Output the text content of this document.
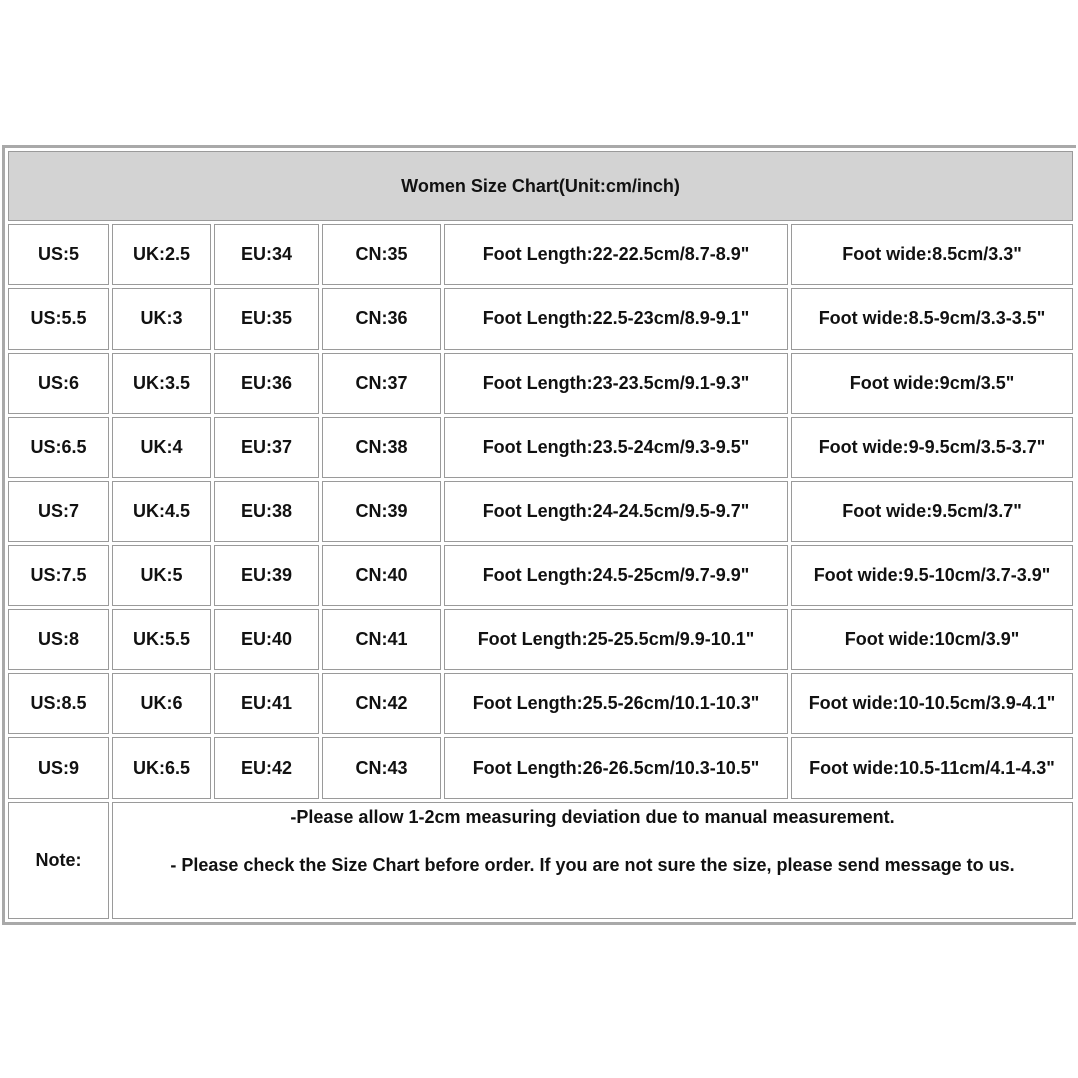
Women Size Chart(Unit:cm/inch)					
US:5	UK:2.5	EU:34	CN:35	Foot Length:22-22.5cm/8.7-8.9"	Foot wide:8.5cm/3.3"
US:5.5	UK:3	EU:35	CN:36	Foot Length:22.5-23cm/8.9-9.1"	Foot wide:8.5-9cm/3.3-3.5"
US:6	UK:3.5	EU:36	CN:37	Foot Length:23-23.5cm/9.1-9.3"	Foot wide:9cm/3.5"
US:6.5	UK:4	EU:37	CN:38	Foot Length:23.5-24cm/9.3-9.5"	Foot wide:9-9.5cm/3.5-3.7"
US:7	UK:4.5	EU:38	CN:39	Foot Length:24-24.5cm/9.5-9.7"	Foot wide:9.5cm/3.7"
US:7.5	UK:5	EU:39	CN:40	Foot Length:24.5-25cm/9.7-9.9"	Foot wide:9.5-10cm/3.7-3.9"
US:8	UK:5.5	EU:40	CN:41	Foot Length:25-25.5cm/9.9-10.1"	Foot wide:10cm/3.9"
US:8.5	UK:6	EU:41	CN:42	Foot Length:25.5-26cm/10.1-10.3"	Foot wide:10-10.5cm/3.9-4.1"
US:9	UK:6.5	EU:42	CN:43	Foot Length:26-26.5cm/10.3-10.5"	Foot wide:10.5-11cm/4.1-4.3"
Note:	-Please allow 1-2cm measuring deviation due to manual measurement.
- Please check the Size Chart before order. If you are not sure the size, please send message to us.				
